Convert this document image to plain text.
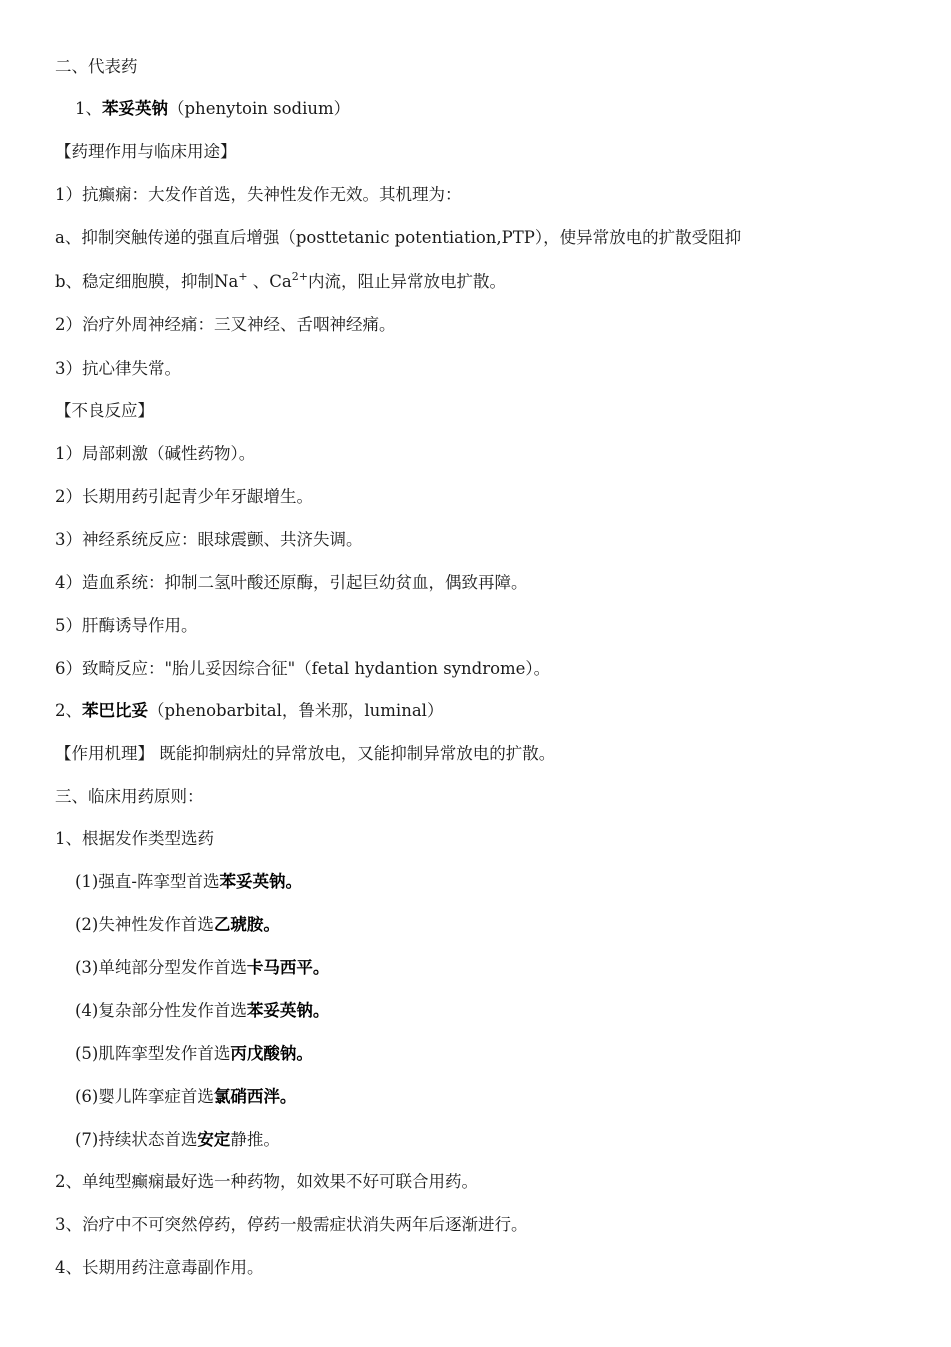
二、代表药
1、苯妥英钠（phenytoin sodium）
【药理作用与临床用途】
1）抗癫痫：大发作首选，失神性发作无效。其机理为：
a、抑制突触传递的强直后增强（posttetanic potentiation,PTP），使异常放电的扩散受阻抑
b、稳定细胞膜，抑制Na+ 、$Ca^{2+}$内流，阻止异常放电扩散。
2）治疗外周神经痛：三叉神经、舌咽神经痛。
3）抗心律失常。
【不良反应】
1）局部刺激（碱性药物）。
2）长期用药引起青少年牙龈增生。
3）神经系统反应：眼球震颤、共济失调。
4）造血系统：抑制二氢叶酸还原酶，引起巨幼贫血，偶致再障。
5）肝酶诱导作用。
6）致畸反应："胎儿妥因综合征"（fetal hydantion syndrome）。
2、苯巴比妥（phenobarbital，鲁米那，luminal）
【作用机理】 既能抑制病灶的异常放电，又能抑制异常放电的扩散。
三、临床用药原则：
1、根据发作类型选药
(1)强直-阵挛型首选苯妥英钠。
(2)失神性发作首选乙琥胺。
(3)单纯部分型发作首选卡马西平。
(4)复杂部分性发作首选苯妥英钠。
(5)肌阵挛型发作首选丙戊酸钠。
(6)婴儿阵挛症首选氯硝西泮。
(7)持续状态首选安定静推。
2、单纯型癫痫最好选一种药物，如效果不好可联合用药。
3、治疗中不可突然停药，停药一般需症状消失两年后逐渐进行。
4、长期用药注意毒副作用。
